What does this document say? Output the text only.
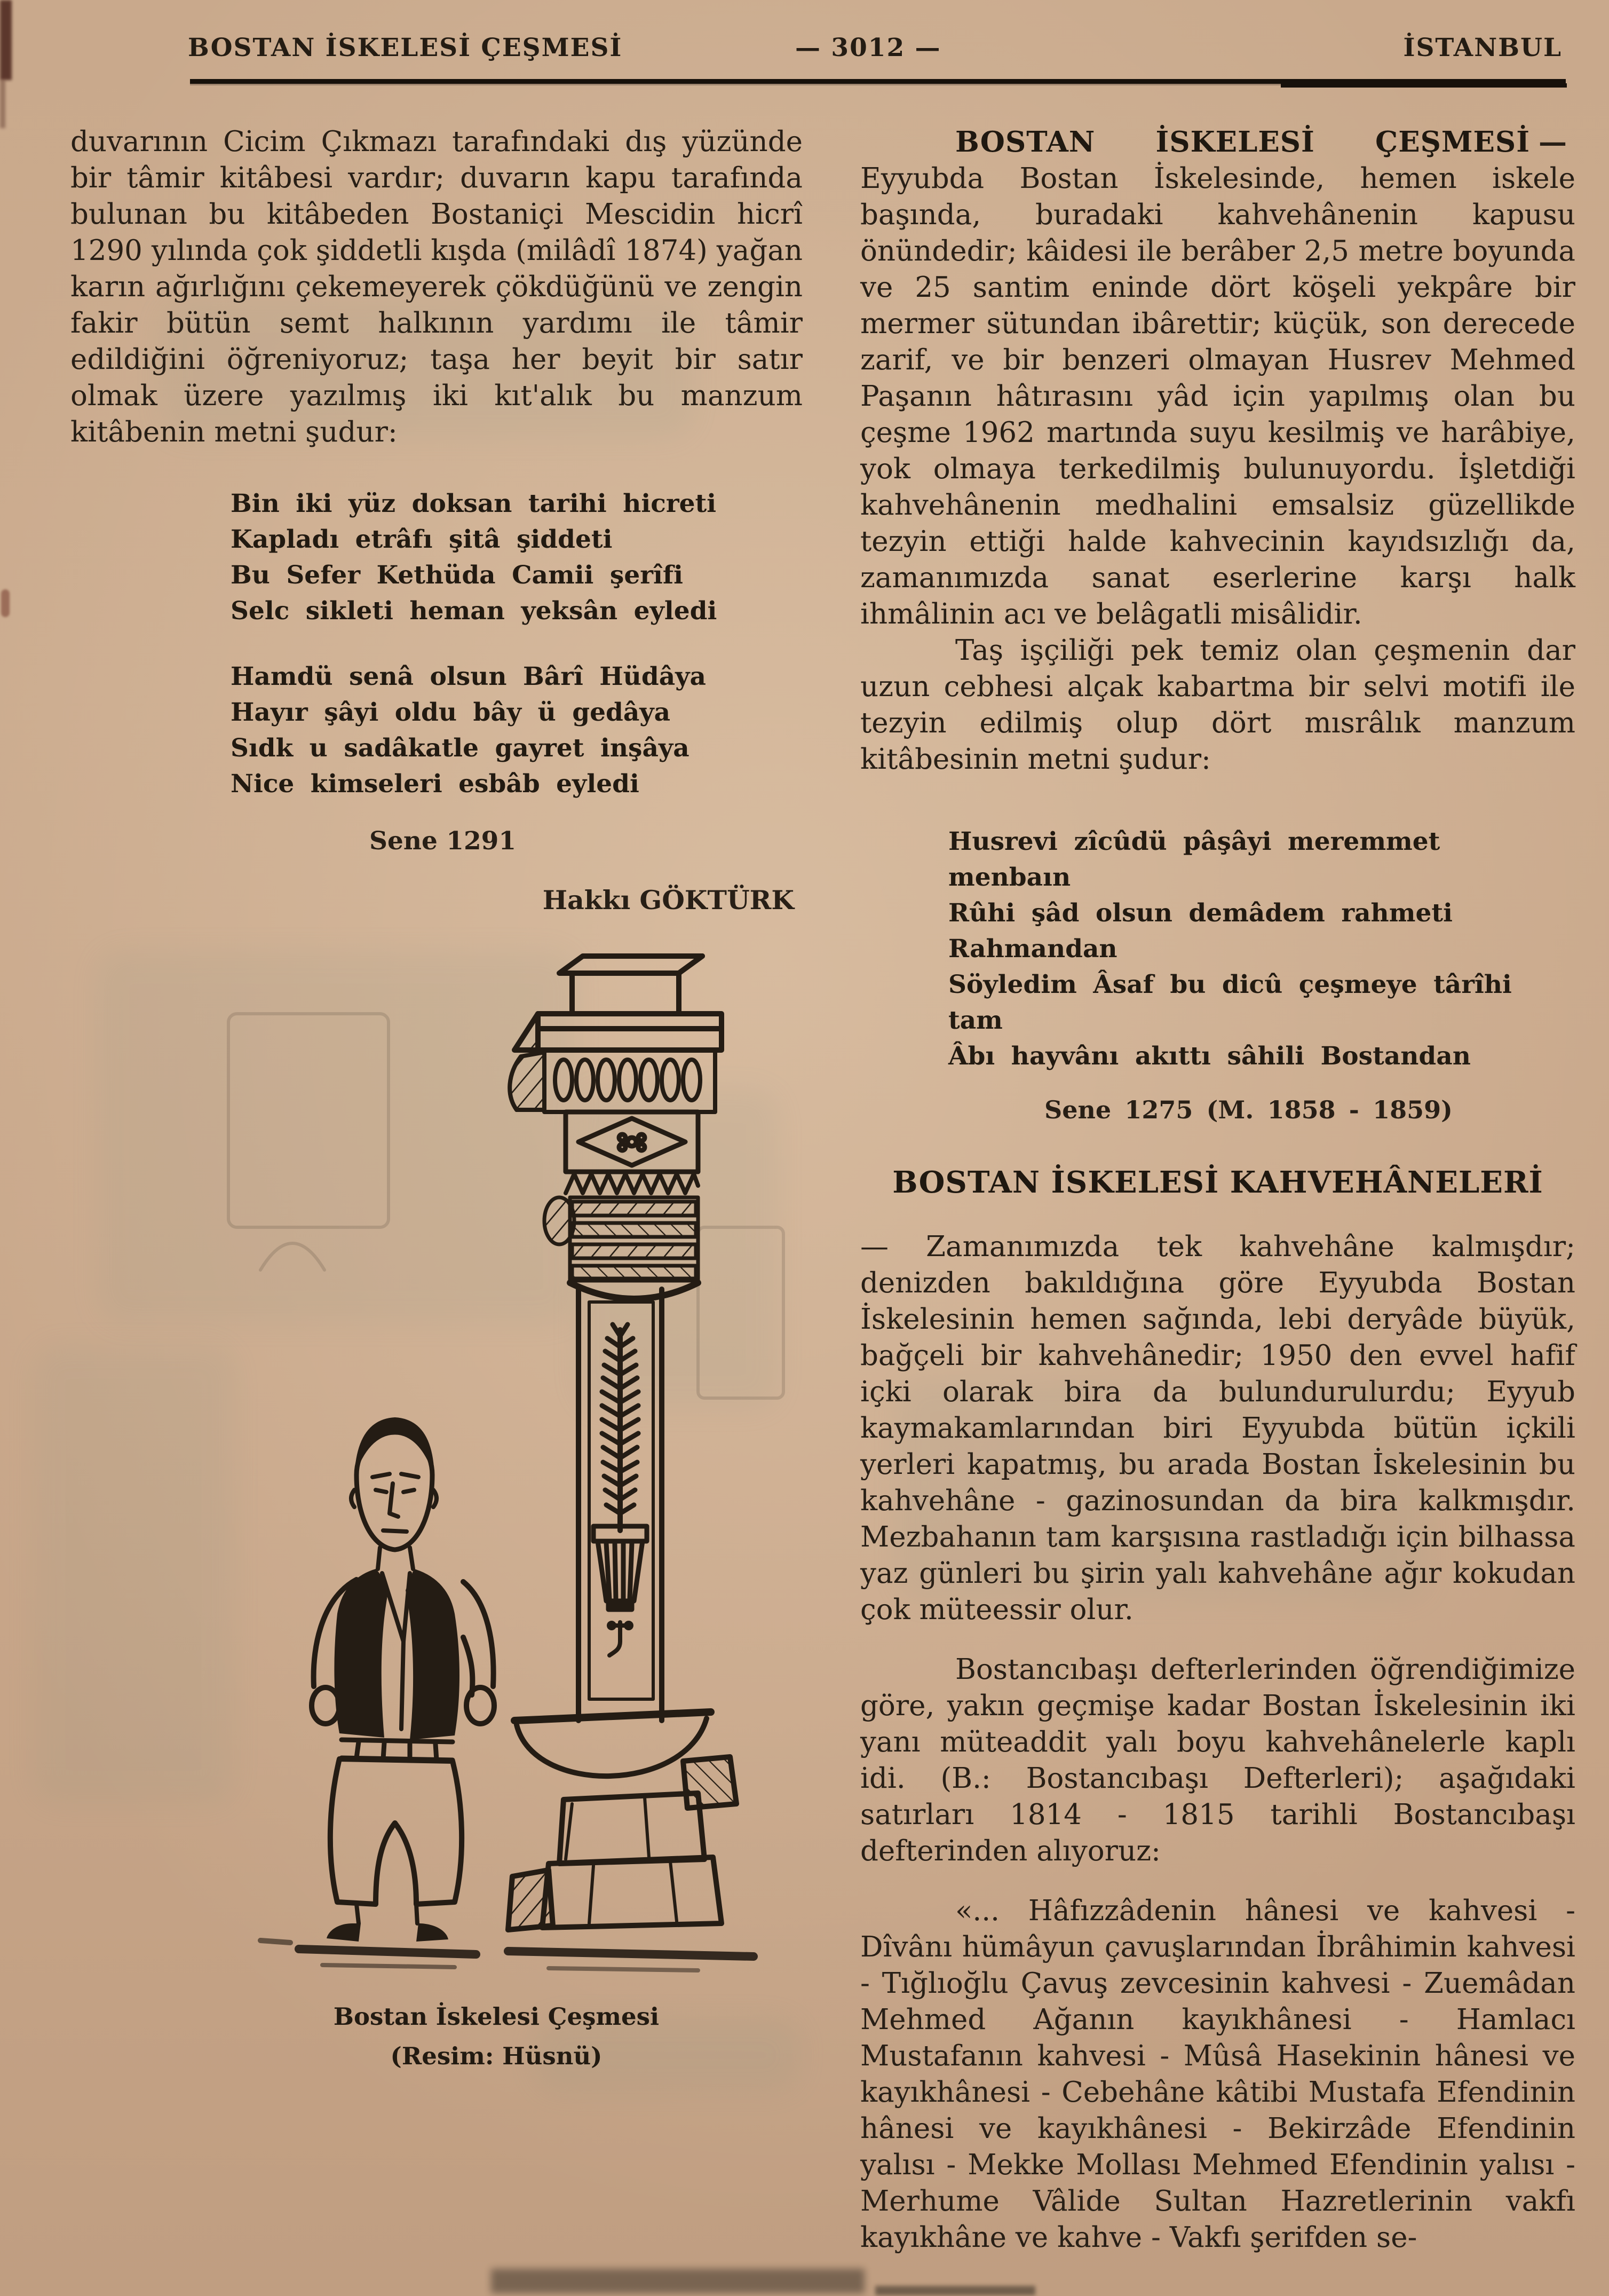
BOSTAN İSKELESİ ÇEŞMESİ	— 3012 —	İSTANBUL

duvarının Cicim Çıkmazı tarafındaki dış yüzünde bir tâmir kitâbesi vardır; duvarın kapu tarafında bulunan bu kitâbeden Bostaniçi Mescidin hicrî 1290 yılında çok şiddetli kışda (milâdî 1874) yağan karın ağırlığını çekemeyerek çökdüğünü ve zengin fakir bütün semt halkının yardımı ile tâmir edildiğini öğreniyoruz; taşa her beyit bir satır olmak üzere yazılmış iki kıt'alık bu manzum kitâbenin metni şudur:

Bin iki yüz doksan tarihi hicreti
Kapladı etrâfı şitâ şiddeti
Bu Sefer Kethüda Camii şerîfi
Selc sikleti heman yeksân eyledi
Hamdü senâ olsun Bârî Hüdâya
Hayır şâyi oldu bây ü gedâya
Sıdk u sadâkatle gayret inşâya
Nice kimseleri esbâb eyledi
Sene 1291
Hakkı GÖKTÜRK
Bostan İskelesi Çeşmesi
(Resim: Hüsnü)

BOSTAN İSKELESİ ÇEŞMESİ —Eyyubda Bostan İskelesinde, hemen iskele başında, buradaki kahvehânenin kapusu önündedir; kâidesi ile berâber 2,5 metre boyunda ve 25 santim eninde dört köşeli yekpâre bir mermer sütundan ibârettir; küçük, son derecede zarif, ve bir benzeri olmayan Husrev Mehmed Paşanın hâtırasını yâd için yapılmış olan bu çeşme 1962 martında suyu kesilmiş ve harâbiye, yok olmaya terkedilmiş bulunuyordu. İşletdiği kahvehânenin medhalini emsalsiz güzellikde tezyin ettiği halde kahvecinin kayıdsızlığı da, zamanımızda sanat eserlerine karşı halk ihmâlinin acı ve belâgatli misâlidir.

Taş işçiliği pek temiz olan çeşmenin dar uzun cebhesi alçak kabartma bir selvi motifi ile tezyin edilmiş olup dört mısrâlık manzum kitâbesinin metni şudur:

Husrevi zîcûdü pâşâyi meremmet menbaın
Rûhi şâd olsun demâdem rahmeti Rahmandan
Söyledim Âsaf bu dicû çeşmeye târîhi tam
Âbı hayvânı akıttı sâhili Bostandan
Sene 1275 (M. 1858 - 1859)
BOSTAN İSKELESİ KAHVEHÂNELERİ

— Zamanımızda tek kahvehâne kalmışdır; denizden bakıldığına göre Eyyubda Bostan İskelesinin hemen sağında, lebi deryâde büyük, bağçeli bir kahvehânedir; 1950 den evvel hafif içki olarak bira da bulundurulurdu; Eyyub kaymakamlarından biri Eyyubda bütün içkili yerleri kapatmış, bu arada Bostan İskelesinin bu kahvehâne - gazinosundan da bira kalkmışdır. Mezbahanın tam karşısına rastladığı için bilhassa yaz günleri bu şirin yalı kahvehâne ağır kokudan çok müteessir olur.

Bostancıbaşı defterlerinden öğrendiğimize göre, yakın geçmişe kadar Bostan İskelesinin iki yanı müteaddit yalı boyu kahvehânelerle kaplı idi. (B.: Bostancıbaşı Defterleri); aşağıdaki satırları 1814 - 1815 tarihli Bostancıbaşı defterinden alıyoruz:

«... Hâfızzâdenin hânesi ve kahvesi - Dîvânı hümâyun çavuşlarından İbrâhimin kahvesi - Tığlıoğlu Çavuş zevcesinin kahvesi - Zuemâdan Mehmed Ağanın kayıkhânesi - Hamlacı Mustafanın kahvesi - Mûsâ Hasekinin hânesi ve kayıkhânesi - Cebehâne kâtibi Mustafa Efendinin hânesi ve kayıkhânesi - Bekirzâde Efendinin yalısı - Mekke Mollası Mehmed Efendinin yalısı - Merhume Vâlide Sultan Hazretlerinin vakfı kayıkhâne ve kahve - Vakfı şerifden se-
